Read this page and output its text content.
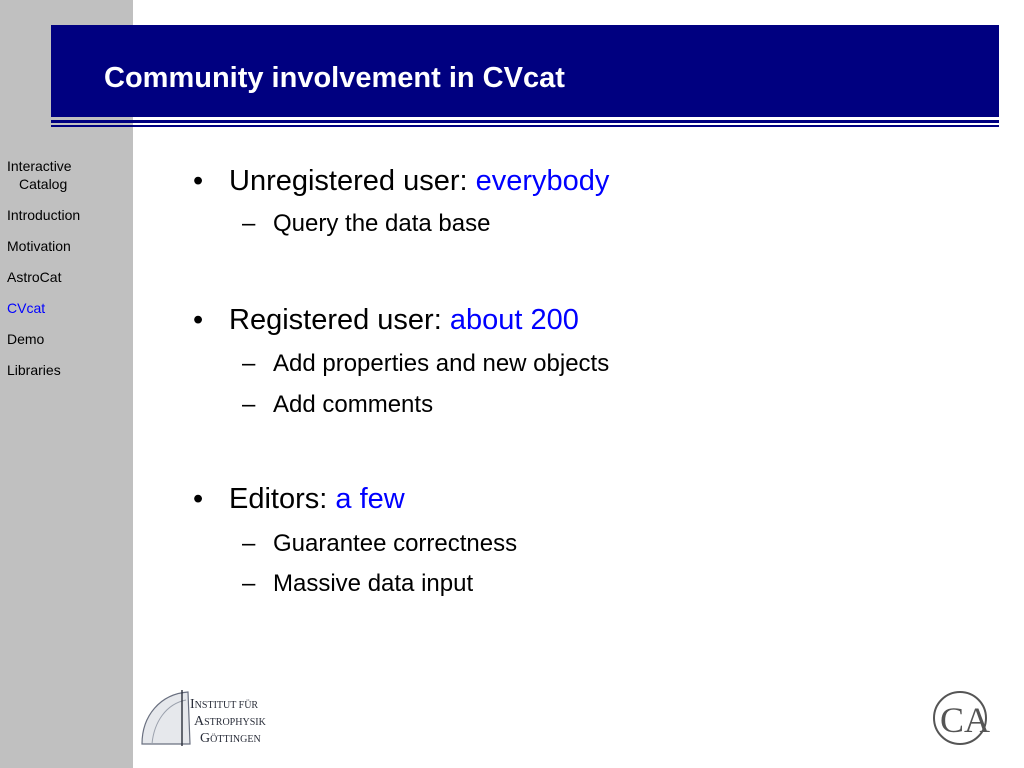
Interactive
Catalog
Introduction
Motivation
AstroCat
CVcat
Demo
Libraries
Community involvement in CVcat
• Unregistered user: everybody
– Query the data base
• Registered user: about 200
– Add properties and new objects
– Add comments
• Editors: a few
– Guarantee correctness
– Massive data input
INSTITUT FÜR
ASTROPHYSIK
GÖTTINGEN	CA
